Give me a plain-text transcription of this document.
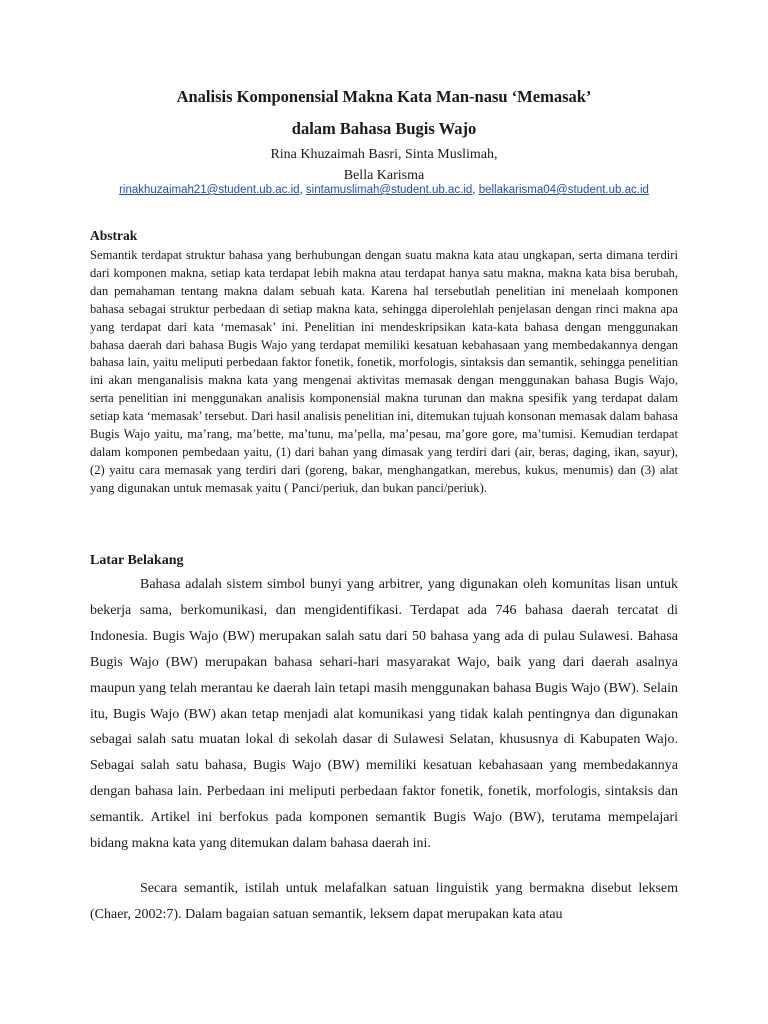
Analisis Komponensial Makna Kata Man-nasu ‘Memasak’
dalam Bahasa Bugis Wajo
Rina Khuzaimah Basri, Sinta Muslimah,
Bella Karisma
rinakhuzaimah21@student.ub.ac.id, sintamuslimah@student.ub.ac.id, bellakarisma04@student.ub.ac.id
Abstrak

Semantik terdapat struktur bahasa yang berhubungan dengan suatu makna kata atau ungkapan, serta dimana terdiri dari komponen makna, setiap kata terdapat lebih makna atau terdapat hanya satu makna, makna kata bisa berubah, dan pemahaman tentang makna dalam sebuah kata. Karena hal tersebutlah penelitian ini menelaah komponen bahasa sebagai struktur perbedaan di setiap makna kata, sehingga diperolehlah penjelasan dengan rinci makna apa yang terdapat dari kata ‘memasak’ ini. Penelitian ini mendeskripsikan kata-kata bahasa dengan menggunakan bahasa daerah dari bahasa Bugis Wajo yang terdapat memiliki kesatuan kebahasaan yang membedakannya dengan bahasa lain, yaitu meliputi perbedaan faktor fonetik, fonetik, morfologis, sintaksis dan semantik, sehingga penelitian ini akan menganalisis makna kata yang mengenai aktivitas memasak dengan menggunakan bahasa Bugis Wajo, serta penelitian ini menggunakan analisis komponensial makna turunan dan makna spesifik yang terdapat dalam setiap kata ‘memasak’ tersebut. Dari hasil analisis penelitian ini, ditemukan tujuah konsonan memasak dalam bahasa Bugis Wajo yaitu, ma’rang, ma’bette, ma’tunu, ma’pella, ma’pesau, ma’gore gore, ma’tumisi. Kemudian terdapat dalam komponen pembedaan yaitu, (1) dari bahan yang dimasak yang terdiri dari (air, beras, daging, ikan, sayur), (2) yaitu cara memasak yang terdiri dari (goreng, bakar, menghangatkan, merebus, kukus, menumis) dan (3) alat yang digunakan untuk memasak yaitu ( Panci/periuk, dan bukan panci/periuk).

Latar Belakang

Bahasa adalah sistem simbol bunyi yang arbitrer, yang digunakan oleh komunitas lisan untuk bekerja sama, berkomunikasi, dan mengidentifikasi. Terdapat ada 746 bahasa daerah tercatat di Indonesia. Bugis Wajo (BW) merupakan salah satu dari 50 bahasa yang ada di pulau Sulawesi. Bahasa Bugis Wajo (BW) merupakan bahasa sehari-hari masyarakat Wajo, baik yang dari daerah asalnya maupun yang telah merantau ke daerah lain tetapi masih menggunakan bahasa Bugis Wajo (BW). Selain itu, Bugis Wajo (BW) akan tetap menjadi alat komunikasi yang tidak kalah pentingnya dan digunakan sebagai salah satu muatan lokal di sekolah dasar di Sulawesi Selatan, khususnya di Kabupaten Wajo. Sebagai salah satu bahasa, Bugis Wajo (BW) memiliki kesatuan kebahasaan yang membedakannya dengan bahasa lain. Perbedaan ini meliputi perbedaan faktor fonetik, fonetik, morfologis, sintaksis dan semantik. Artikel ini berfokus pada komponen semantik Bugis Wajo (BW), terutama mempelajari bidang makna kata yang ditemukan dalam bahasa daerah ini.

Secara semantik, istilah untuk melafalkan satuan linguistik yang bermakna disebut leksem (Chaer, 2002:7). Dalam bagaian satuan semantik, leksem dapat merupakan kata atau
